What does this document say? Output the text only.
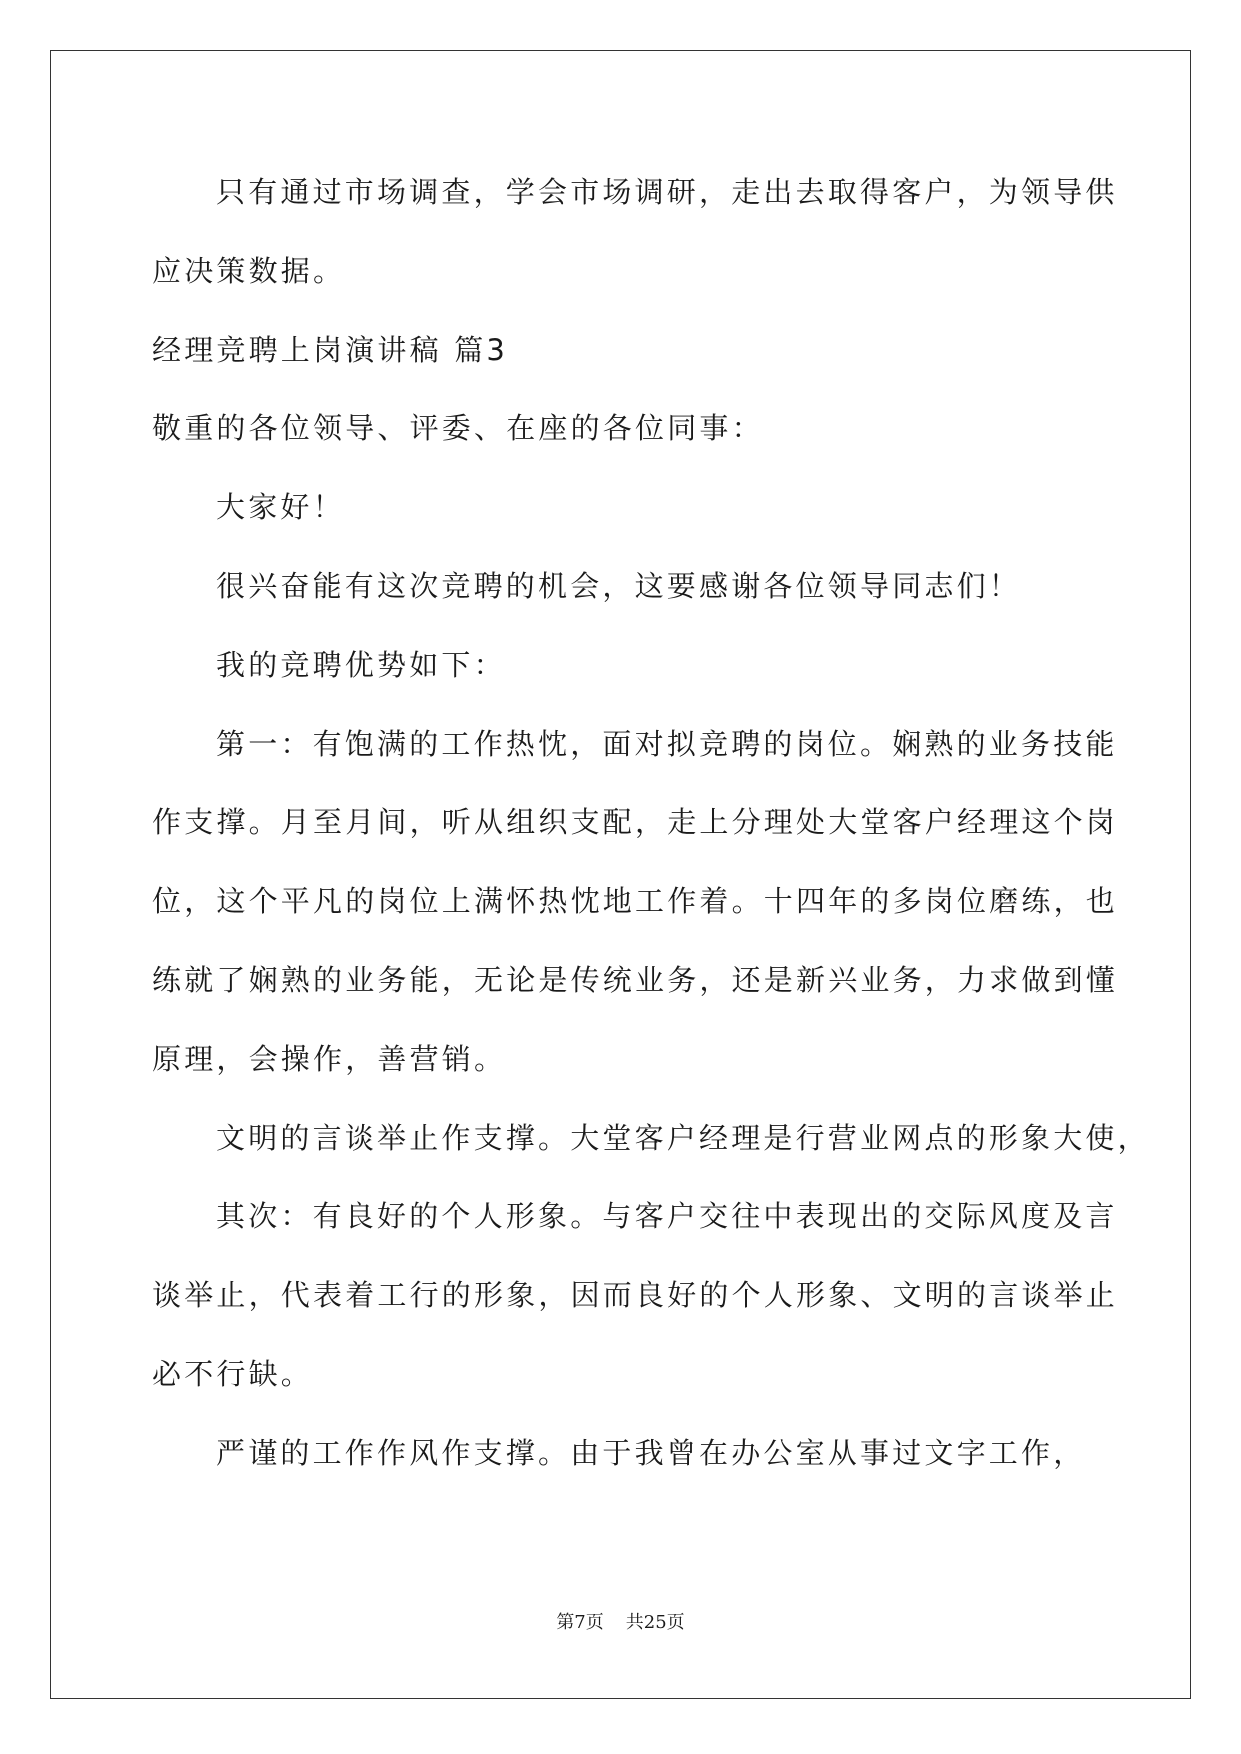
只有通过市场调查，学会市场调研，走出去取得客户，为领导供
应决策数据。
经理竞聘上岗演讲稿 篇3
敬重的各位领导、评委、在座的各位同事：
大家好！
很兴奋能有这次竞聘的机会，这要感谢各位领导同志们！
我的竞聘优势如下：
第一：有饱满的工作热忱，面对拟竞聘的岗位。娴熟的业务技能
作支撑。月至月间，听从组织支配，走上分理处大堂客户经理这个岗
位，这个平凡的岗位上满怀热忱地工作着。十四年的多岗位磨练，也
练就了娴熟的业务能，无论是传统业务，还是新兴业务，力求做到懂
原理，会操作，善营销。
文明的言谈举止作支撑。大堂客户经理是行营业网点的形象大使，
其次：有良好的个人形象。与客户交往中表现出的交际风度及言
谈举止，代表着工行的形象，因而良好的个人形象、文明的言谈举止
必不行缺。
严谨的工作作风作支撑。由于我曾在办公室从事过文字工作，
第7页 共25页
